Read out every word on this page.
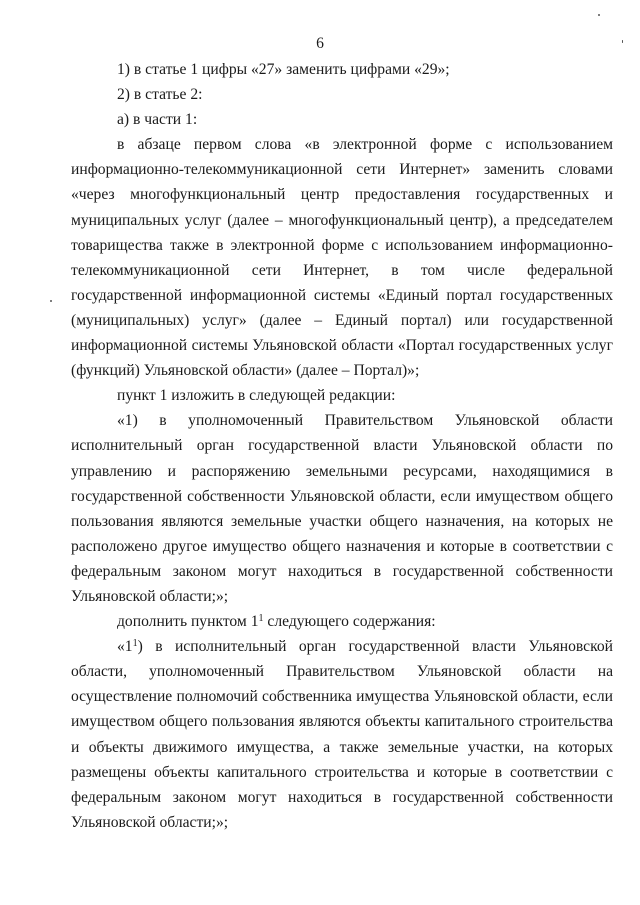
6

1) в статье 1 цифры «27» заменить цифрами «29»;

2) в статье 2:

а) в части 1:

в абзаце первом слова «в электронной форме с использованием информационно-телекоммуникационной сети Интернет» заменить словами «через многофункциональный центр предоставления государственных и муниципальных услуг (далее – многофункциональный центр), а председателем товарищества также в электронной форме с использованием информационно-телекоммуникационной сети Интернет, в том числе федеральной государственной информационной системы «Единый портал государственных (муниципальных) услуг» (далее – Единый портал) или государственной информационной системы Ульяновской области «Портал государственных услуг (функций) Ульяновской области» (далее – Портал)»;

пункт 1 изложить в следующей редакции:

«1) в уполномоченный Правительством Ульяновской области исполнительный орган государственной власти Ульяновской области по управлению и распоряжению земельными ресурсами, находящимися в государственной собственности Ульяновской области, если имуществом общего пользования являются земельные участки общего назначения, на которых не расположено другое имущество общего назначения и которые в соответствии с федеральным законом могут находиться в государственной собственности Ульяновской области;»;

дополнить пунктом $1^1$ следующего содержания:

«$1^1$) в исполнительный орган государственной власти Ульяновской области, уполномоченный Правительством Ульяновской области на осуществление полномочий собственника имущества Ульяновской области, если имуществом общего пользования являются объекты капитального строительства и объекты движимого имущества, а также земельные участки, на которых размещены объекты капитального строительства и которые в соответствии с федеральным законом могут находиться в государственной собственности Ульяновской области;»;
